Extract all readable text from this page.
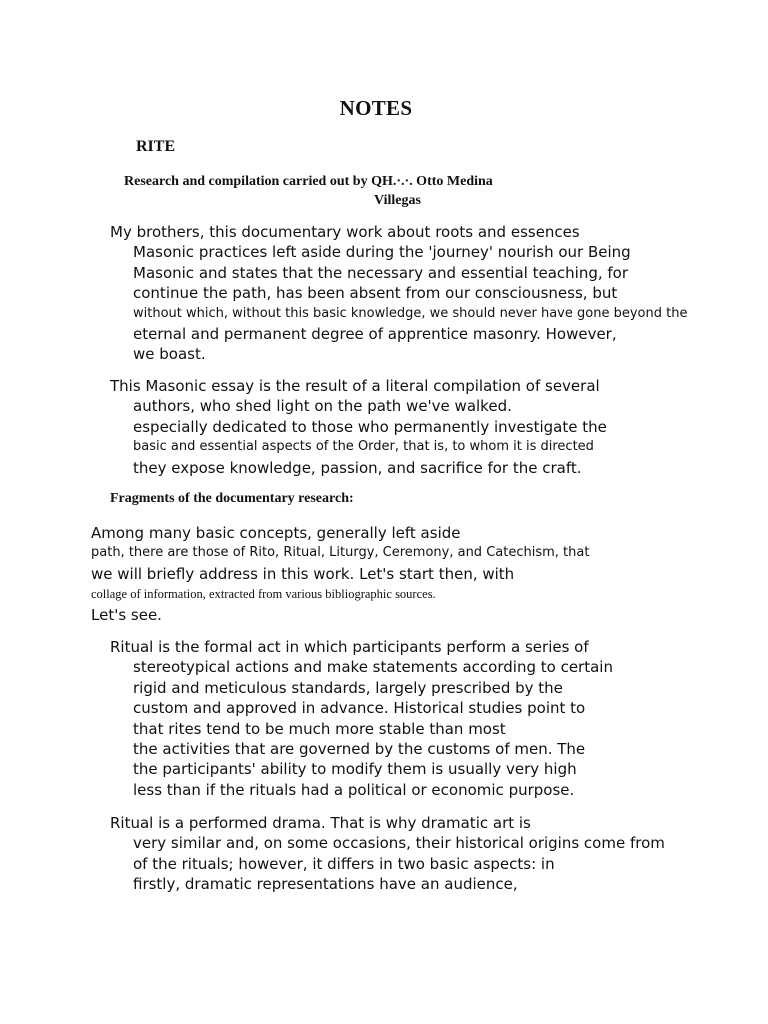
NOTES
RITE
Research and compilation carried out by QH.·.·. Otto Medina
Villegas
My brothers, this documentary work about roots and essences
Masonic practices left aside during the 'journey' nourish our Being
Masonic and states that the necessary and essential teaching, for
continue the path, has been absent from our consciousness, but
without which, without this basic knowledge, we should never have gone beyond the
eternal and permanent degree of apprentice masonry. However,
we boast.
This Masonic essay is the result of a literal compilation of several
authors, who shed light on the path we've walked.
especially dedicated to those who permanently investigate the
basic and essential aspects of the Order, that is, to whom it is directed
they expose knowledge, passion, and sacrifice for the craft.
Fragments of the documentary research:
Among many basic concepts, generally left aside
path, there are those of Rito, Ritual, Liturgy, Ceremony, and Catechism, that
we will briefly address in this work. Let's start then, with
collage of information, extracted from various bibliographic sources.
Let's see.
Ritual is the formal act in which participants perform a series of
stereotypical actions and make statements according to certain
rigid and meticulous standards, largely prescribed by the
custom and approved in advance. Historical studies point to
that rites tend to be much more stable than most
the activities that are governed by the customs of men. The
the participants' ability to modify them is usually very high
less than if the rituals had a political or economic purpose.
Ritual is a performed drama. That is why dramatic art is
very similar and, on some occasions, their historical origins come from
of the rituals; however, it differs in two basic aspects: in
firstly, dramatic representations have an audience,
